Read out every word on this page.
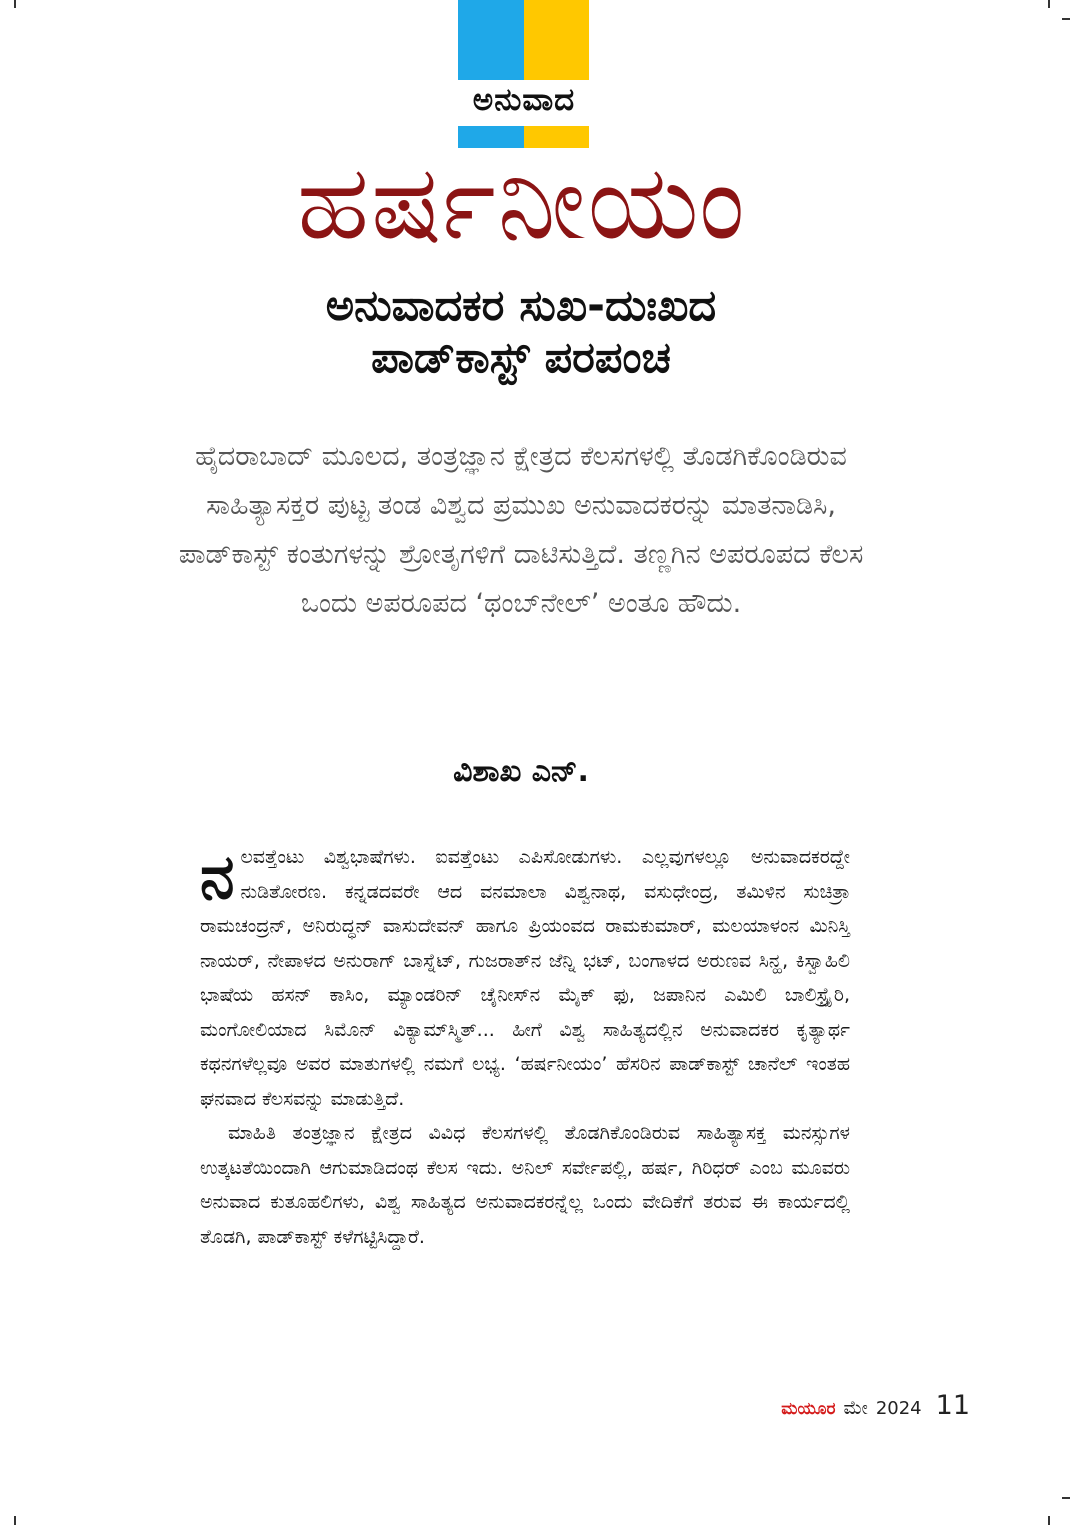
ಅನುವಾದ
ಹರ್ಷನೀಯಂ
ಅನುವಾದಕರ ಸುಖ-ದುಃಖದ
ಪಾಡ್‌ಕಾಸ್ಟ್ ಪರಪಂಚ
ಹೈದರಾಬಾದ್ ಮೂಲದ, ತಂತ್ರಜ್ಞಾನ ಕ್ಷೇತ್ರದ ಕೆಲಸಗಳಲ್ಲಿ ತೊಡಗಿಕೊಂಡಿರುವ ಸಾಹಿತ್ಯಾಸಕ್ತರ ಪುಟ್ಟ ತಂಡ ವಿಶ್ವದ ಪ್ರಮುಖ ಅನುವಾದಕರನ್ನು ಮಾತನಾಡಿಸಿ, ಪಾಡ್‌ಕಾಸ್ಟ್ ಕಂತುಗಳನ್ನು ಶ್ರೋತೃಗಳಿಗೆ ದಾಟಿಸುತ್ತಿದೆ. ತಣ್ಣಗಿನ ಅಪರೂಪದ ಕೆಲಸ ಒಂದು ಅಪರೂಪದ ‘ಥಂಬ್‌ನೇಲ್’ ಅಂತೂ ಹೌದು.
ವಿಶಾಖ ಎನ್.

ನಲವತ್ತೆಂಟು ವಿಶ್ವಭಾಷೆಗಳು. ಐವತ್ತೆಂಟು ಎಪಿಸೋಡುಗಳು. ಎಲ್ಲವುಗಳಲ್ಲೂ ಅನುವಾದಕರದ್ದೇ ನುಡಿತೋರಣ. ಕನ್ನಡದವರೇ ಆದ ವನಮಾಲಾ ವಿಶ್ವನಾಥ, ವಸುಧೇಂದ್ರ, ತಮಿಳಿನ ಸುಚಿತ್ರಾ ರಾಮಚಂದ್ರನ್, ಅನಿರುದ್ಧನ್ ವಾಸುದೇವನ್ ಹಾಗೂ ಪ್ರಿಯಂವದ ರಾಮಕುಮಾರ್, ಮಲಯಾಳಂನ ಮಿನಿಸ್ತಿ ನಾಯರ್, ನೇಪಾಳದ ಅನುರಾಗ್ ಬಾಸ್ನೆಟ್, ಗುಜರಾತ್‌ನ ಜೆನ್ನಿ ಭಟ್, ಬಂಗಾಳದ ಅರುಣವ ಸಿನ್ಹ, ಕಿಸ್ವಾಹಿಲಿ ಭಾಷೆಯ ಹಸನ್ ಕಾಸಿಂ, ಮ್ಯಾಂಡರಿನ್ ಚೈನೀಸ್‌ನ ಮೈಕ್ ಫು, ಜಪಾನಿನ ಎಮಿಲಿ ಬಾಲಿಸ್ಟ್ರೈರಿ, ಮಂಗೋಲಿಯಾದ ಸಿಮೊನ್ ವಿಕ್ಯಾಮ್‌ಸ್ಮಿತ್... ಹೀಗೆ ವಿಶ್ವ ಸಾಹಿತ್ಯದಲ್ಲಿನ ಅನುವಾದಕರ ಕೃತ್ಯಾರ್ಥ ಕಥನಗಳೆಲ್ಲವೂ ಅವರ ಮಾತುಗಳಲ್ಲಿ ನಮಗೆ ಲಭ್ಯ. ‘ಹರ್ಷನೀಯಂ’ ಹೆಸರಿನ ಪಾಡ್‌ಕಾಸ್ಟ್ ಚಾನೆಲ್ ಇಂತಹ ಘನವಾದ ಕೆಲಸವನ್ನು ಮಾಡುತ್ತಿದೆ.

ಮಾಹಿತಿ ತಂತ್ರಜ್ಞಾನ ಕ್ಷೇತ್ರದ ವಿವಿಧ ಕೆಲಸಗಳಲ್ಲಿ ತೊಡಗಿಕೊಂಡಿರುವ ಸಾಹಿತ್ಯಾಸಕ್ತ ಮನಸ್ಸುಗಳ ಉತ್ಕಟತೆಯಿಂದಾಗಿ ಆಗುಮಾಡಿದಂಥ ಕೆಲಸ ಇದು. ಅನಿಲ್ ಸರ್ವೇಪಲ್ಲಿ, ಹರ್ಷ, ಗಿರಿಧರ್ ಎಂಬ ಮೂವರು ಅನುವಾದ ಕುತೂಹಲಿಗಳು, ವಿಶ್ವ ಸಾಹಿತ್ಯದ ಅನುವಾದಕರನ್ನೆಲ್ಲ ಒಂದು ವೇದಿಕೆಗೆ ತರುವ ಈ ಕಾರ್ಯದಲ್ಲಿ ತೊಡಗಿ, ಪಾಡ್‌ಕಾಸ್ಟ್ ಕಳೆಗಟ್ಟಿಸಿದ್ದಾರೆ.

ಮಯೂರ ಮೇ 2024 11
